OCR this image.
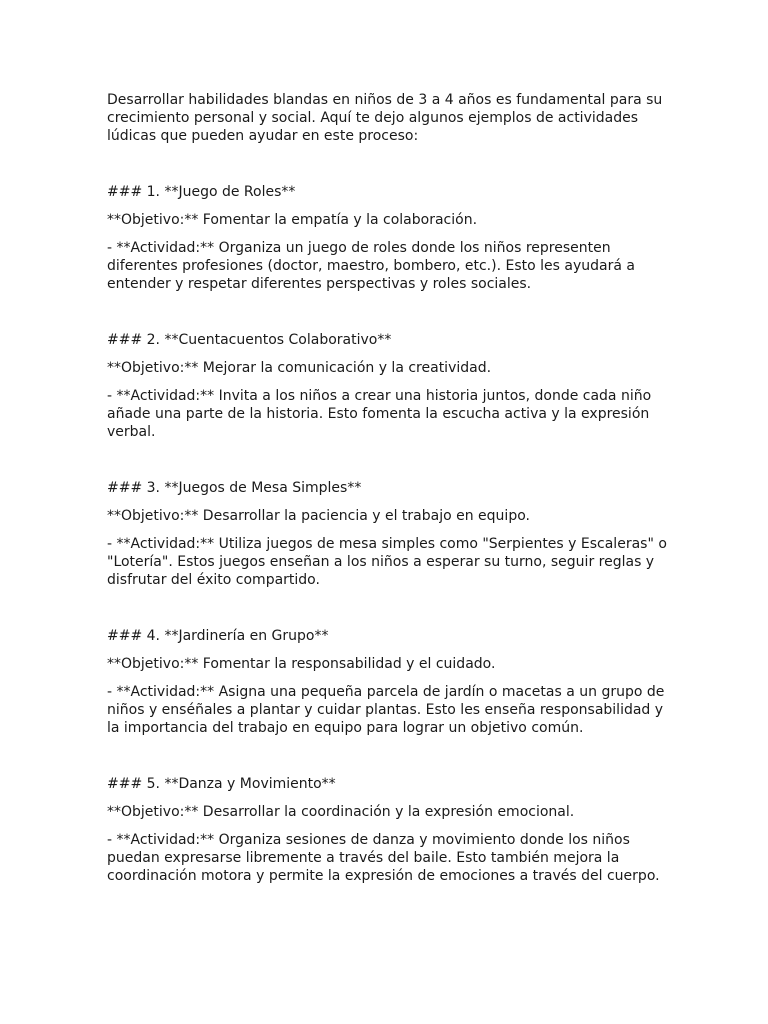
Desarrollar habilidades blandas en niños de 3 a 4 años es fundamental para su
crecimiento personal y social. Aquí te dejo algunos ejemplos de actividades
lúdicas que pueden ayudar en este proceso:

### 1. **Juego de Roles**

**Objetivo:** Fomentar la empatía y la colaboración.

- **Actividad:** Organiza un juego de roles donde los niños representen
diferentes profesiones (doctor, maestro, bombero, etc.). Esto les ayudará a
entender y respetar diferentes perspectivas y roles sociales.

### 2. **Cuentacuentos Colaborativo**

**Objetivo:** Mejorar la comunicación y la creatividad.

- **Actividad:** Invita a los niños a crear una historia juntos, donde cada niño
añade una parte de la historia. Esto fomenta la escucha activa y la expresión
verbal.

### 3. **Juegos de Mesa Simples**

**Objetivo:** Desarrollar la paciencia y el trabajo en equipo.

- **Actividad:** Utiliza juegos de mesa simples como "Serpientes y Escaleras" o
"Lotería". Estos juegos enseñan a los niños a esperar su turno, seguir reglas y
disfrutar del éxito compartido.

### 4. **Jardinería en Grupo**

**Objetivo:** Fomentar la responsabilidad y el cuidado.

- **Actividad:** Asigna una pequeña parcela de jardín o macetas a un grupo de
niños y enséñales a plantar y cuidar plantas. Esto les enseña responsabilidad y
la importancia del trabajo en equipo para lograr un objetivo común.

### 5. **Danza y Movimiento**

**Objetivo:** Desarrollar la coordinación y la expresión emocional.

- **Actividad:** Organiza sesiones de danza y movimiento donde los niños
puedan expresarse libremente a través del baile. Esto también mejora la
coordinación motora y permite la expresión de emociones a través del cuerpo.
